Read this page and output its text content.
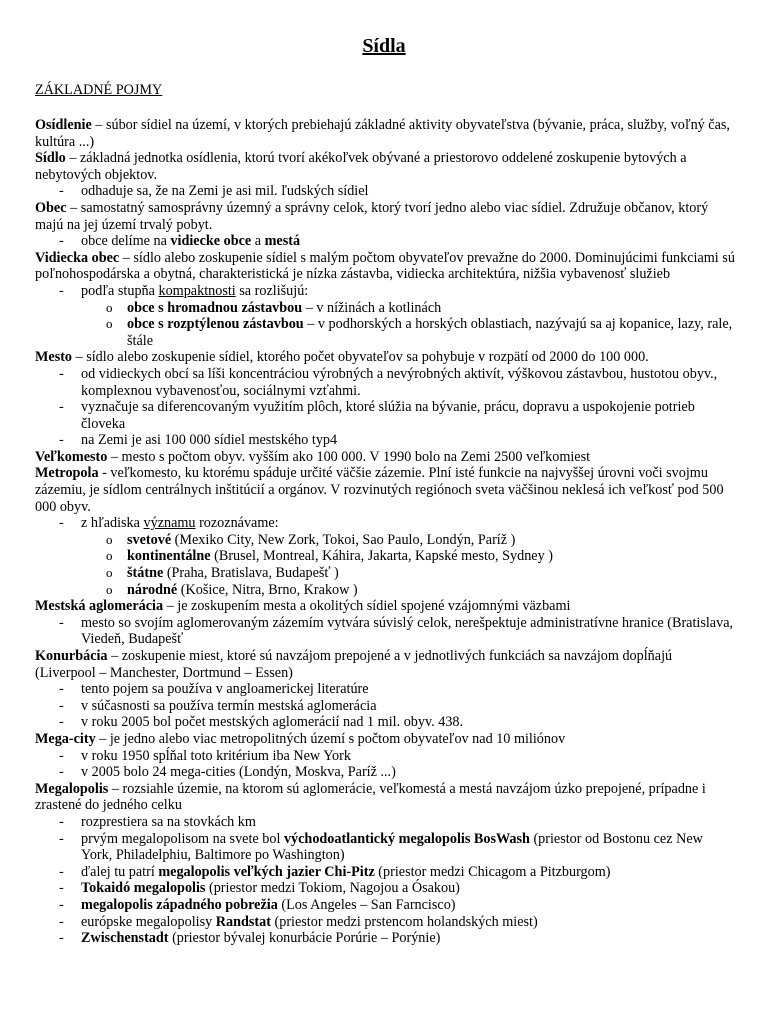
Sídla
ZÁKLADNÉ POJMY
Osídlenie – súbor sídiel na území, v ktorých prebiehajú základné aktivity obyvateľstva (bývanie, práca, služby, voľný čas, kultúra ...)
Sídlo – základná jednotka osídlenia, ktorú tvorí akékoľvek obývané a priestorovo oddelené zoskupenie bytových a nebytových objektov.
- odhaduje sa, že na Zemi je asi mil. ľudských sídiel
Obec – samostatný samosprávny územný a správny celok, ktorý tvorí jedno alebo viac sídiel. Združuje občanov, ktorý majú na jej území trvalý pobyt.
- obce delíme na vidiecke obce a mestá
Vidiecka obec – sídlo alebo zoskupenie sídiel s malým počtom obyvateľov prevažne do 2000. Dominujúcimi funkciami sú poľnohospodárska a obytná, charakteristická je nízka zástavba, vidiecka architektúra, nižšia vybavenosť služieb
- podľa stupňa kompaktnosti sa rozlišujú:
o obce s hromadnou zástavbou – v nížinách a kotlinách
o obce s rozptýlenou zástavbou – v podhorských a horských oblastiach, nazývajú sa aj kopanice, lazy, rale, štále
Mesto – sídlo alebo zoskupenie sídiel, ktorého počet obyvateľov sa pohybuje v rozpätí od 2000 do 100 000.
- od vidieckych obcí sa líši koncentráciou výrobných a nevýrobných aktivít, výškovou zástavbou, hustotou obyv., komplexnou vybavenosťou, sociálnymi vzťahmi.
- vyznačuje sa diferencovaným využitím plôch, ktoré slúžia na bývanie, prácu, dopravu a uspokojenie potrieb človeka
- na Zemi je asi 100 000 sídiel mestského typ4
Veľkomesto – mesto s počtom obyv. vyšším ako 100 000. V 1990 bolo na Zemi 2500 veľkomiest
Metropola - veľkomesto, ku ktorému spáduje určité väčšie zázemie. Plní isté funkcie na najvyššej úrovni voči svojmu zázemiu, je sídlom centrálnych inštitúcií a orgánov. V rozvinutých regiónoch sveta väčšinou neklesá ich veľkosť pod 500 000 obyv.
- z hľadiska významu rozoznávame:
o svetové (Mexiko City, New Zork, Tokoi, Sao Paulo, Londýn, Paríž )
o kontinentálne (Brusel, Montreal, Káhira, Jakarta, Kapské mesto, Sydney )
o štátne (Praha, Bratislava, Budapešť )
o národné (Košice, Nitra, Brno, Krakow )
Mestská aglomerácia – je zoskupením mesta a okolitých sídiel spojené vzájomnými väzbami
- mesto so svojím aglomerovaným zázemím vytvára súvislý celok, nerešpektuje administratívne hranice (Bratislava, Viedeň, Budapešť
Konurbácia – zoskupenie miest, ktoré sú navzájom prepojené a v jednotlivých funkciách sa navzájom dopĺňajú (Liverpool – Manchester, Dortmund – Essen)
- tento pojem sa používa v angloamerickej literatúre
- v súčasnosti sa používa termín mestská aglomerácia
- v roku 2005 bol počet mestských aglomerácií nad 1 mil. obyv. 438.
Mega-city – je jedno alebo viac metropolitných území s počtom obyvateľov nad 10 miliónov
- v roku 1950 spĺňal toto kritérium iba New York
- v 2005 bolo 24 mega-cities (Londýn, Moskva, Paríž ...)
Megalopolis – rozsiahle územie, na ktorom sú aglomerácie, veľkomestá a mestá navzájom úzko prepojené, prípadne i zrastené do jedného celku
- rozprestiera sa na stovkách km
- prvým megalopolisom na svete bol východoatlantický megalopolis BosWash (priestor od Bostonu cez New York, Philadelphiu, Baltimore po Washington)
- ďalej tu patrí megalopolis veľkých jazier Chi-Pitz (priestor medzi Chicagom a Pitzburgom)
- Tokaidó megalopolis (priestor medzi Tokiom, Nagojou a Ósakou)
- megalopolis západného pobrežia (Los Angeles – San Farncisco)
- európske megalopolisy Randstat (priestor medzi prstencom holandských miest)
- Zwischenstadt (priestor bývalej konurbácie Porúrie – Porýnie)
